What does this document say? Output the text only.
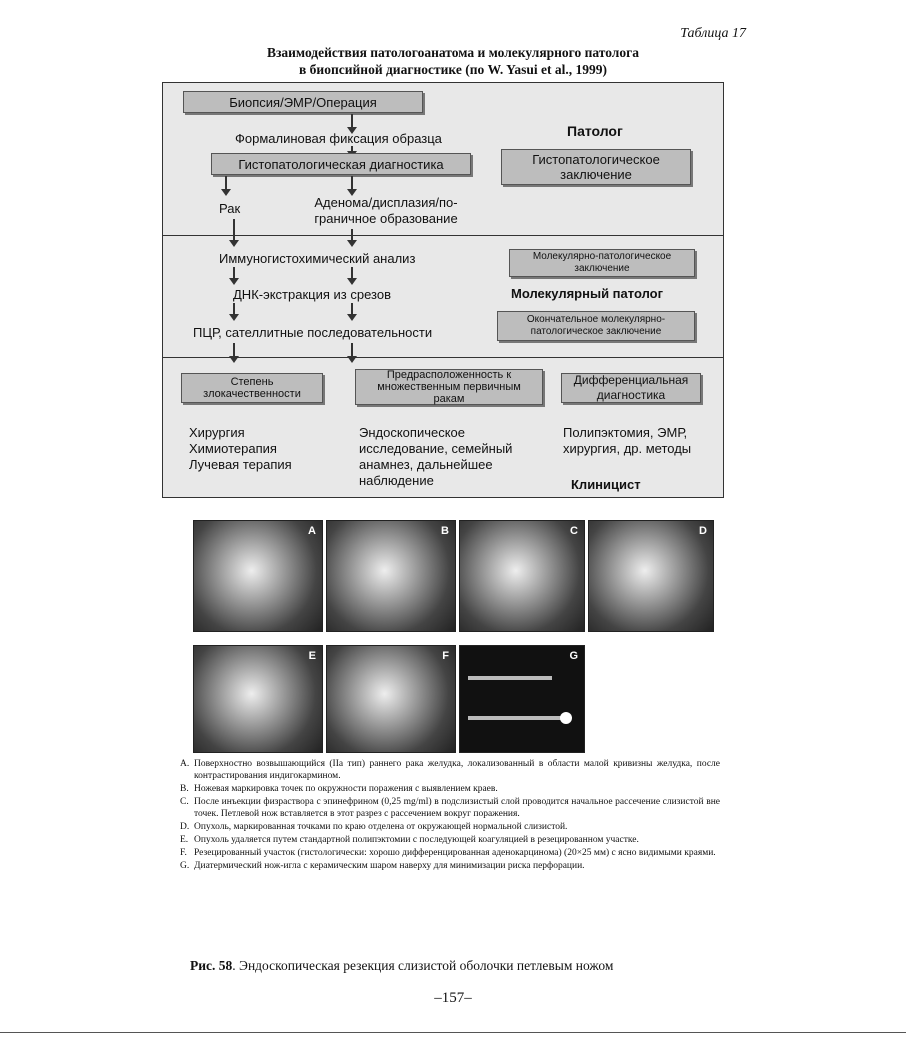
Таблица 17
Взаимодействия патологоанатома и молекулярного патолога
в биопсийной диагностике (по W. Yasui et al., 1999)
Биопсия/ЭМР/Операция
Формалиновая фиксация образца
Гистопатологическая диагностика
Патолог
Гистопатологическое заключение
Рак	Аденома/дисплазия/по-граничное образование
Иммуногистохимический анализ	Молекулярно-патологическое заключение
ДНК-экстракция из срезов	Молекулярный патолог
Окончательное молекулярно-патологическое заключение
ПЦР, сателлитные последовательности
Степень злокачественности
Предрасположенность к множественным первичным ракам
Дифференциальная диагностика
Хирургия
Химиотерапия
Лучевая терапия
Эндоскопическое исследование, семейный анамнез, дальнейшее наблюдение
Полипэктомия, ЭМР, хирургия, др. методы
Клиницист
A	B	C	D
E	F	G
A. Поверхностно возвышающийся (IIa тип) раннего рака желудка, локализованный в области малой кривизны желудка, после контрастирования индигокармином.
B. Ножевая маркировка точек по окружности поражения с выявлением краев.
C. После инъекции физраствора с эпинефрином (0,25 mg/ml) в подслизистый слой проводится начальное рассечение слизистой вне точек. Петлевой нож вставляется в этот разрез с рассечением вокруг поражения.
D. Опухоль, маркированная точками по краю отделена от окружающей нормальной слизистой.
E. Опухоль удаляется путем стандартной полипэктомии с последующей коагуляцией в резецированном участке.
F. Резецированный участок (гистологически: хорошо дифференцированная аденокарцинома) (20×25 мм) с ясно видимыми краями.
G. Диатермический нож-игла с керамическим шаром наверху для минимизации риска перфорации.
Рис. 58. Эндоскопическая резекция слизистой оболочки петлевым ножом
–157–
